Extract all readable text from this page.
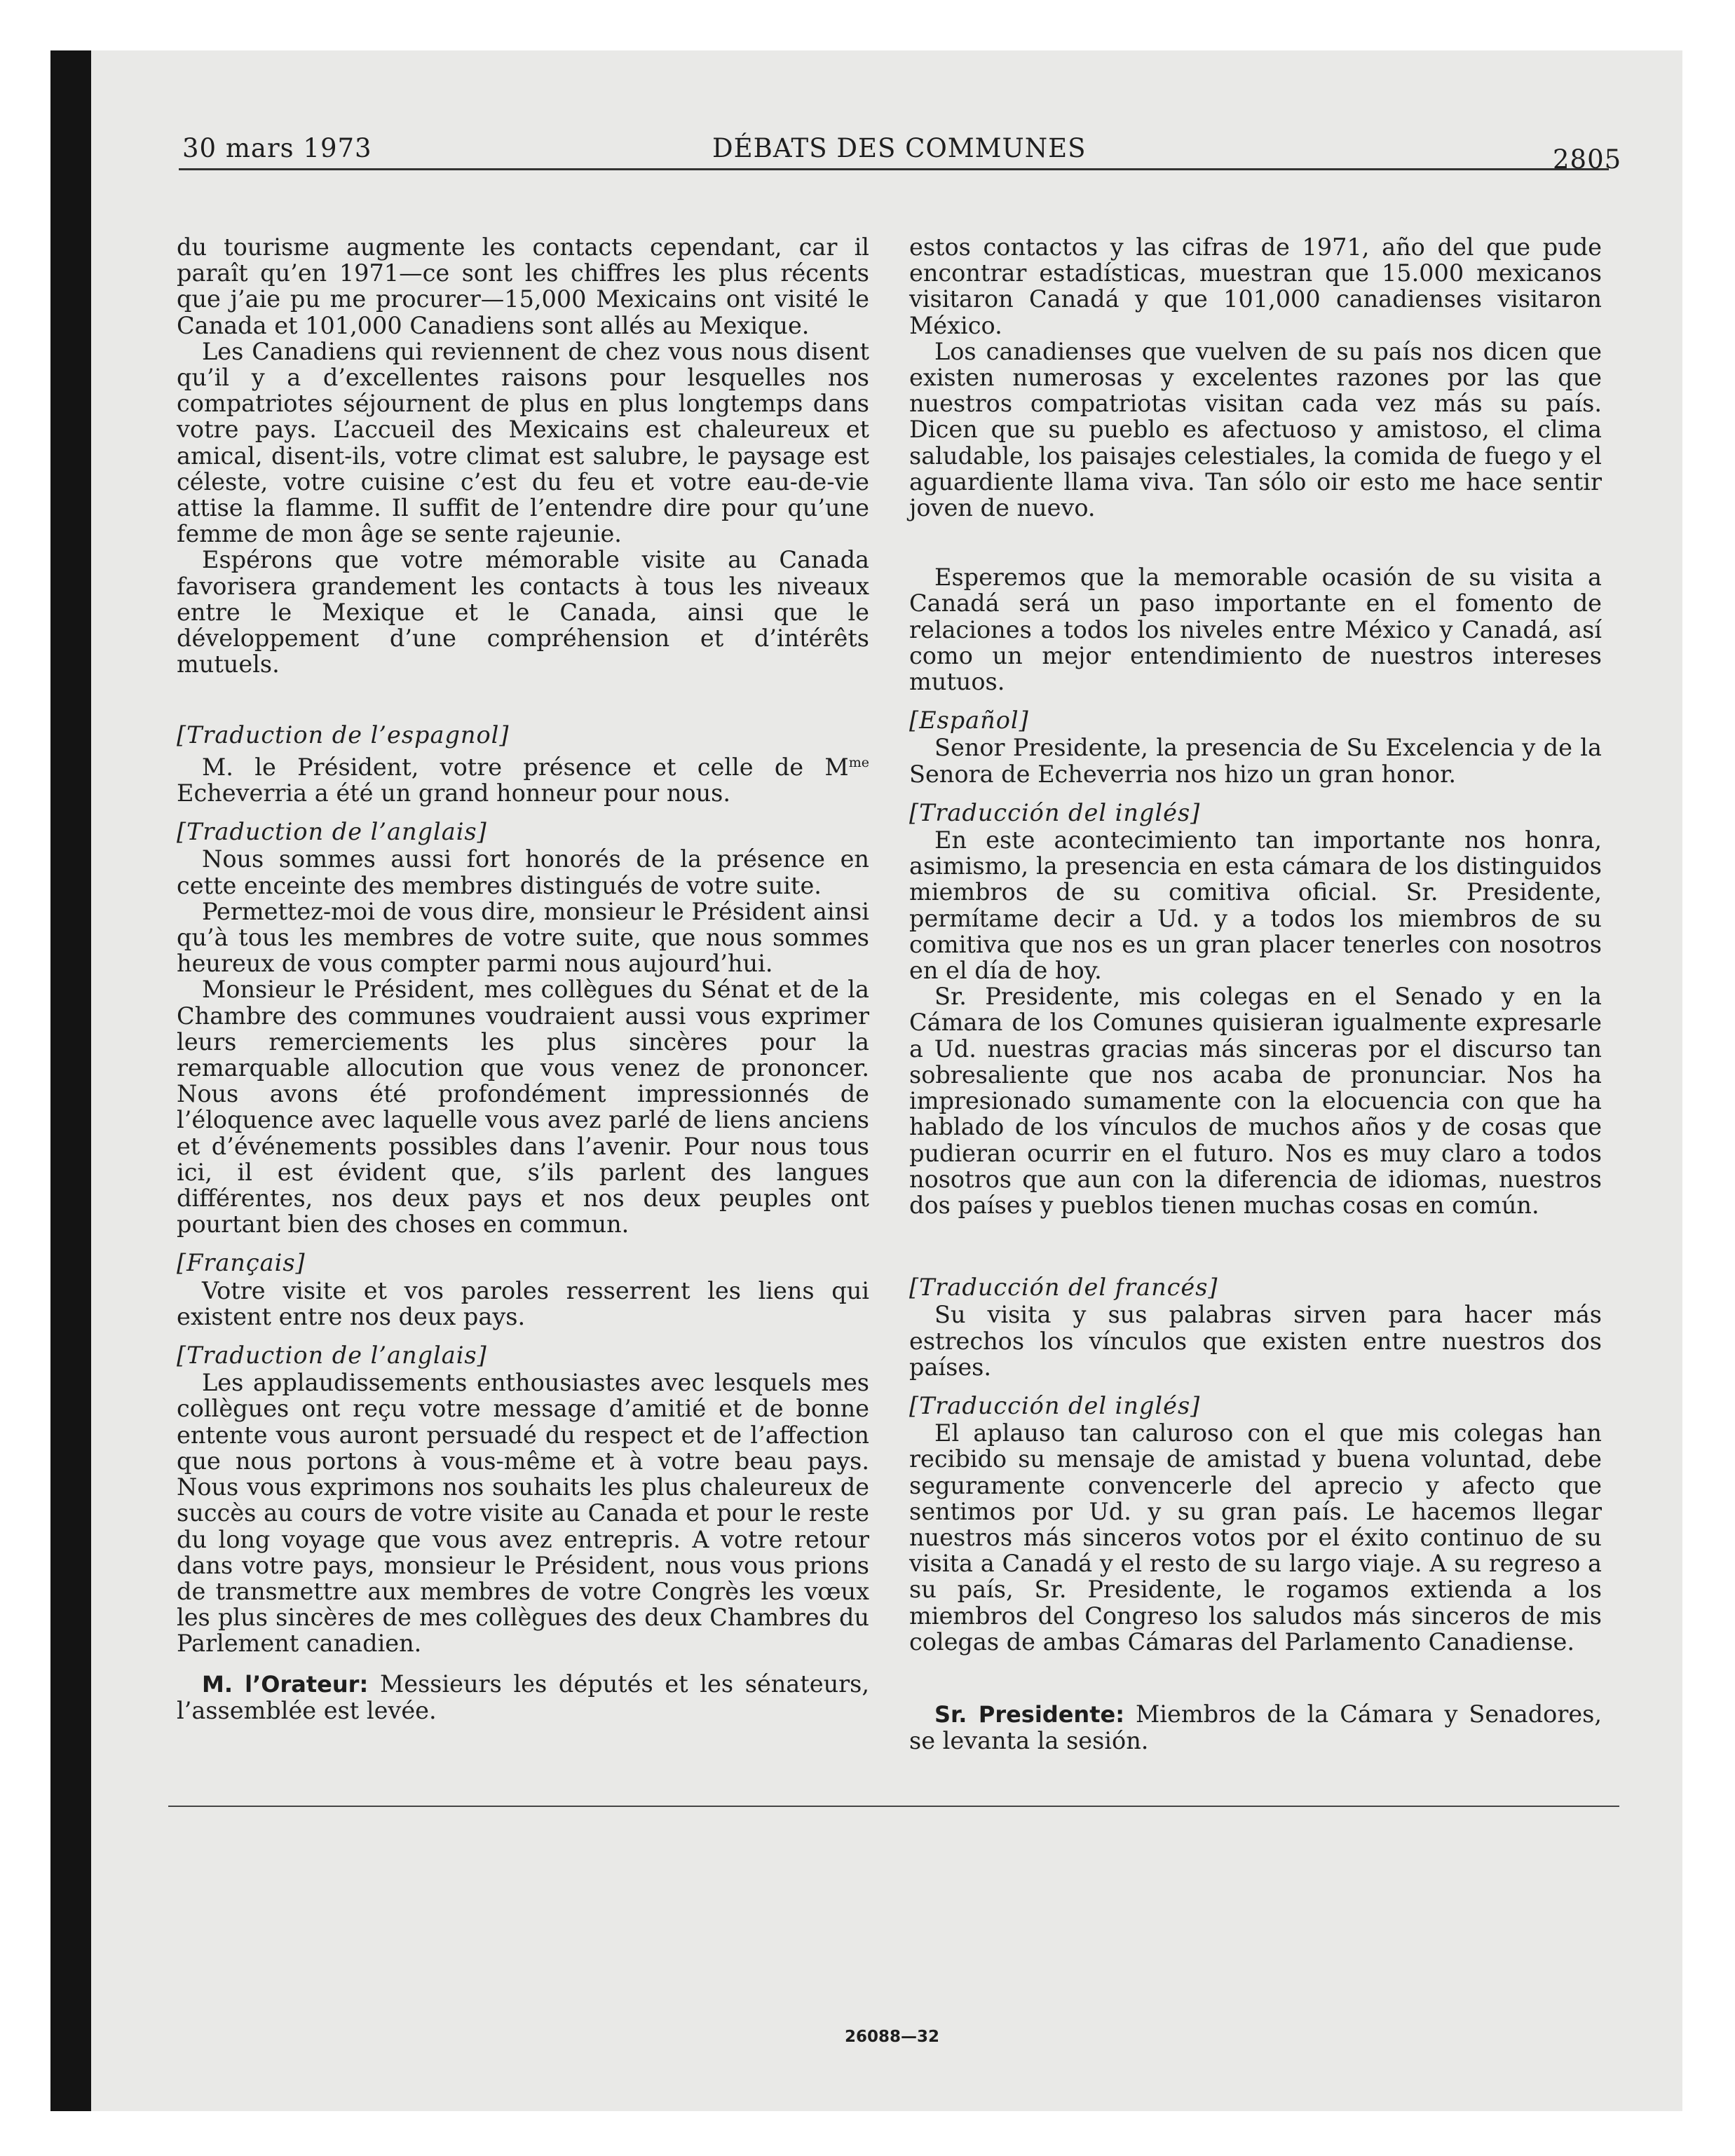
30 mars 1973	DÉBATS DES COMMUNES	2805

du tourisme augmente les contacts cependant, car il paraît qu’en 1971—ce sont les chiffres les plus récents que j’aie pu me procurer—15,000 Mexicains ont visité le Canada et 101,000 Canadiens sont allés au Mexique.

Les Canadiens qui reviennent de chez vous nous disent qu’il y a d’excellentes raisons pour lesquelles nos compatriotes séjournent de plus en plus longtemps dans votre pays. L’accueil des Mexicains est chaleureux et amical, disent-ils, votre climat est salubre, le paysage est céleste, votre cuisine c’est du feu et votre eau-de-vie attise la flamme. Il suffit de l’entendre dire pour qu’une femme de mon âge se sente rajeunie.

Espérons que votre mémorable visite au Canada favorisera grandement les contacts à tous les niveaux entre le Mexique et le Canada, ainsi que le développement d’une compréhension et d’intérêts mutuels.

[Traduction de l’espagnol]

M. le Président, votre présence et celle de $M^{me}$ Echeverria a été un grand honneur pour nous.

[Traduction de l’anglais]

Nous sommes aussi fort honorés de la présence en cette enceinte des membres distingués de votre suite.

Permettez-moi de vous dire, monsieur le Président ainsi qu’à tous les membres de votre suite, que nous sommes heureux de vous compter parmi nous aujourd’hui.

Monsieur le Président, mes collègues du Sénat et de la Chambre des communes voudraient aussi vous exprimer leurs remerciements les plus sincères pour la remarquable allocution que vous venez de prononcer. Nous avons été profondément impressionnés de l’éloquence avec laquelle vous avez parlé de liens anciens et d’événements possibles dans l’avenir. Pour nous tous ici, il est évident que, s’ils parlent des langues différentes, nos deux pays et nos deux peuples ont pourtant bien des choses en commun.

[Français]

Votre visite et vos paroles resserrent les liens qui existent entre nos deux pays.

[Traduction de l’anglais]

Les applaudissements enthousiastes avec lesquels mes collègues ont reçu votre message d’amitié et de bonne entente vous auront persuadé du respect et de l’affection que nous portons à vous-même et à votre beau pays. Nous vous exprimons nos souhaits les plus chaleureux de succès au cours de votre visite au Canada et pour le reste du long voyage que vous avez entrepris. A votre retour dans votre pays, monsieur le Président, nous vous prions de transmettre aux membres de votre Congrès les vœux les plus sincères de mes collègues des deux Chambres du Parlement canadien.

M. l’Orateur: Messieurs les députés et les sénateurs, l’assemblée est levée.

estos contactos y las cifras de 1971, año del que pude encontrar estadísticas, muestran que 15.000 mexicanos visitaron Canadá y que 101,000 canadienses visitaron México.

Los canadienses que vuelven de su país nos dicen que existen numerosas y excelentes razones por las que nuestros compatriotas visitan cada vez más su país. Dicen que su pueblo es afectuoso y amistoso, el clima saludable, los paisajes celestiales, la comida de fuego y el aguardiente llama viva. Tan sólo oir esto me hace sentir joven de nuevo.

Esperemos que la memorable ocasión de su visita a Canadá será un paso importante en el fomento de relaciones a todos los niveles entre México y Canadá, así como un mejor entendimiento de nuestros intereses mutuos.

[Español]

Senor Presidente, la presencia de Su Excelencia y de la Senora de Echeverria nos hizo un gran honor.

[Traducción del inglés]

En este acontecimiento tan importante nos honra, asimismo, la presencia en esta cámara de los distinguidos miembros de su comitiva oficial. Sr. Presidente, permítame decir a Ud. y a todos los miembros de su comitiva que nos es un gran placer tenerles con nosotros en el día de hoy.

Sr. Presidente, mis colegas en el Senado y en la Cámara de los Comunes quisieran igualmente expresarle a Ud. nuestras gracias más sinceras por el discurso tan sobresaliente que nos acaba de pronunciar. Nos ha impresionado sumamente con la elocuencia con que ha hablado de los vínculos de muchos años y de cosas que pudieran ocurrir en el futuro. Nos es muy claro a todos nosotros que aun con la diferencia de idiomas, nuestros dos países y pueblos tienen muchas cosas en común.

[Traducción del francés]

Su visita y sus palabras sirven para hacer más estrechos los vínculos que existen entre nuestros dos países.

[Traducción del inglés]

El aplauso tan caluroso con el que mis colegas han recibido su mensaje de amistad y buena voluntad, debe seguramente convencerle del aprecio y afecto que sentimos por Ud. y su gran país. Le hacemos llegar nuestros más sinceros votos por el éxito continuo de su visita a Canadá y el resto de su largo viaje. A su regreso a su país, Sr. Presidente, le rogamos extienda a los miembros del Congreso los saludos más sinceros de mis colegas de ambas Cámaras del Parlamento Canadiense.

Sr. Presidente: Miembros de la Cámara y Senadores, se levanta la sesión.

26088—32
